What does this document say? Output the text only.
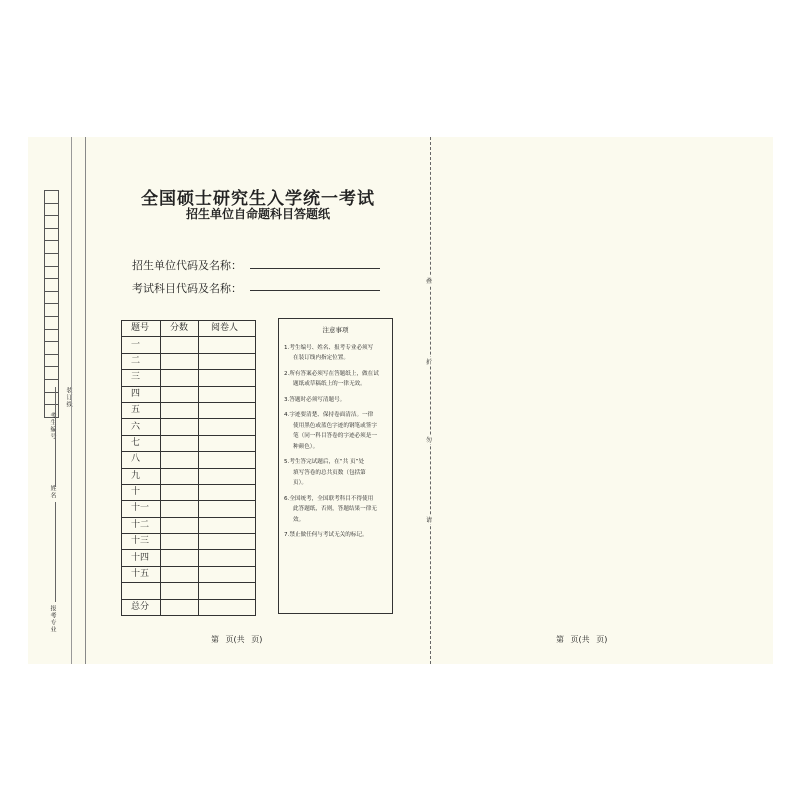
考生编号
姓名
报考专业
装订线
全国硕士研究生入学统一考试
招生单位自命题科目答题纸
招生单位代码及名称：
考试科目代码及名称：
题号	分数	阅卷人
一		
二		
三		
四		
五		
六		
七		
八		
九		
十		
十一		
十二		
十三		
十四		
十五		

总分		
注意事项
1.考生编号、姓名、报考专业必须写
在装订线内指定位置。
2.所有答案必须写在答题纸上，做在试
题纸或草稿纸上的一律无效。
3.答题时必须写清题号。
4.字迹要清楚、保持卷面清洁。一律
使用黑色或蓝色字迹的钢笔或签字
笔（同一科目答卷的字迹必须是一
种颜色）。
5.考生答完试题后，在“共 页”处
填写答卷的总共页数（包括第
页）。
6.全国统考，全国联考科目不得使用
此答题纸，否则，答题结果一律无
效。
7.禁止做任何与考试无关的标记。
第 页(共 页)
叠
折
勿
请
第 页(共 页)
